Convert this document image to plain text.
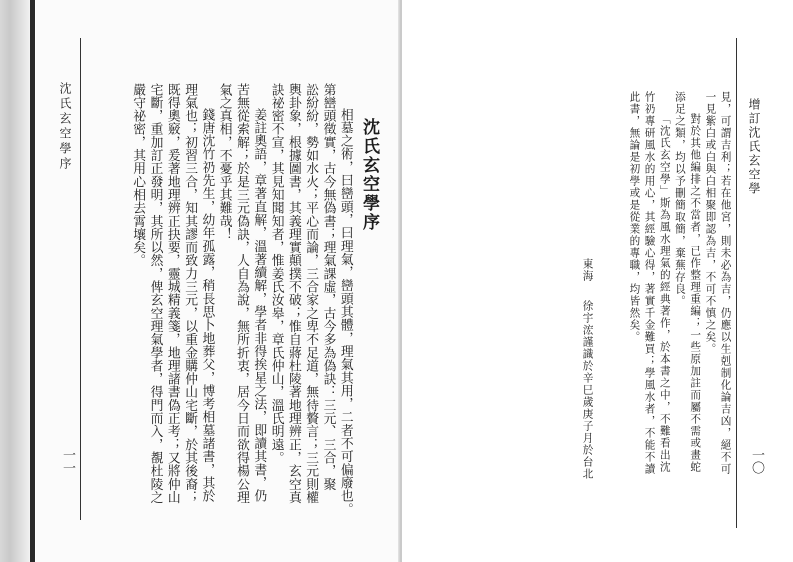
沈氏玄空學序
一一	相墓之術，曰巒頭，曰理氣，巒頭其體，理氣其用，二者不可偏廢也。
第巒頭徵實，古今無偽書；理氣課虛，古今多為偽訣：三元、三合，聚
訟紛紛，勢如水火；平心而論，三合家之卑不足道，無待贅言；三元則權
輿卦象，根據圖書，其義理實顛撲不破；惟自蔣杜陵著地理辨正，玄空真
訣祕密不宣，其見知聞知者，惟姜氏汝皋，章氏仲山，溫氏明遠。
姜註奧語，章著直解，溫著續解，學者非得挨星之法，即讀其書，仍
苦無從索解；於是三元偽訣，人自為說，無所折衷，居今日而欲得楊公理
氣之真相，不憂乎其難哉！
錢唐沈竹礽先生，幼年孤露，稍長思卜地葬父，博考相墓諸書，其於
理氣也；初習三合，知其謬而致力三元，以重金購仲山宅斷，於其後裔；
既得奧竅，爰著地理辨正抉要，靈城精義箋，地理諸書偽正考；又將仲山
宅斷，重加訂正發明，其所以然，俾玄空理氣學者，得門而入，覩杜陵之
嚴守祕密，其用心相去霄壤矣。	沈氏玄空學序	增訂沈氏玄空學
一〇
見，可謂吉利；若在他宮，則未必為吉，仍應以生剋制化論吉凶，絕不可
一見紫白或白與白相聚即認為吉，不可不慎之矣。
對於其他編排之不當者，已作整理重編；一些原加註而屬不需或畫蛇
添足之類，均以予刪簡取簡，棄蕪存良。
「沈氏玄空學」斯為風水理氣的經典著作，於本書之中，不難看出沈
竹礽專研風水的用心，其經驗心得，著實千金難買；學風水者，不能不讀
此書，無論是初學或是從業的專職，均皆然矣。
東海
徐宇浤謹識於辛巳歲庚子月於台北
